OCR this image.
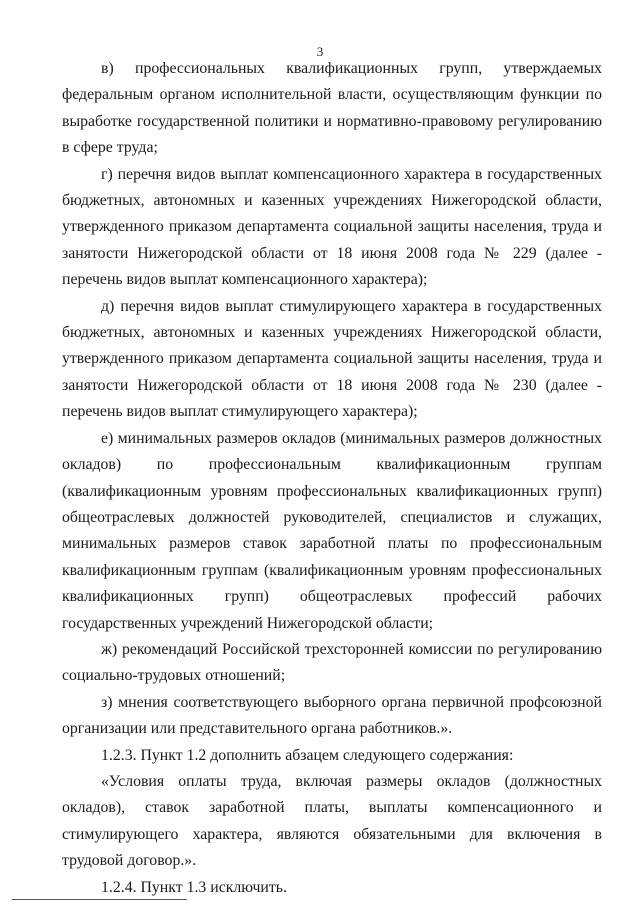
3

в) профессиональных квалификационных групп, утверждаемых федеральным органом исполнительной власти, осуществляющим функции по выработке государственной политики и нормативно-правовому регулированию в сфере труда;

г) перечня видов выплат компенсационного характера в государственных бюджетных, автономных и казенных учреждениях Нижегородской области, утвержденного приказом департамента социальной защиты населения, труда и занятости Нижегородской области от 18 июня 2008 года № 229 (далее - перечень видов выплат компенсационного характера);

д) перечня видов выплат стимулирующего характера в государственных бюджетных, автономных и казенных учреждениях Нижегородской области, утвержденного приказом департамента социальной защиты населения, труда и занятости Нижегородской области от 18 июня 2008 года № 230 (далее - перечень видов выплат стимулирующего характера);

е) минимальных размеров окладов (минимальных размеров должностных окладов) по профессиональным квалификационным группам (квалификационным уровням профессиональных квалификационных групп) общеотраслевых должностей руководителей, специалистов и служащих, минимальных размеров ставок заработной платы по профессиональным квалификационным группам (квалификационным уровням профессиональных квалификационных групп) общеотраслевых профессий рабочих государственных учреждений Нижегородской области;

ж) рекомендаций Российской трехсторонней комиссии по регулированию социально-трудовых отношений;

з) мнения соответствующего выборного органа первичной профсоюзной организации или представительного органа работников.».

1.2.3. Пункт 1.2 дополнить абзацем следующего содержания:

«Условия оплаты труда, включая размеры окладов (должностных окладов), ставок заработной платы, выплаты компенсационного и стимулирующего характера, являются обязательными для включения в трудовой договор.».

1.2.4. Пункт 1.3 исключить.
